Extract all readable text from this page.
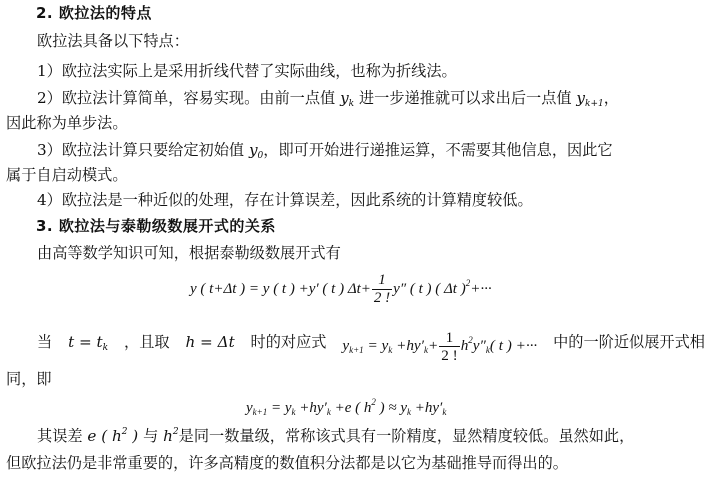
2. 欧拉法的特点
欧拉法具备以下特点：
1）欧拉法实际上是采用折线代替了实际曲线，也称为折线法。
2）欧拉法计算简单，容易实现。由前一点值 $y_k$ 进一步递推就可以求出后一点值 $y_{k+1}$，
因此称为单步法。
3）欧拉法计算只要给定初始值 $y_0$，即可开始进行递推运算，不需要其他信息，因此它
属于自启动模式。
4）欧拉法是一种近似的处理，存在计算误差，因此系统的计算精度较低。
3. 欧拉法与泰勒级数展开式的关系
由高等数学知识可知，根据泰勒级数展开式有
y ( t+Δt ) = y ( t ) +y′ ( t ) $\Delta t+ \frac{1}{2 !} y''$ ( t ) ( Δt )$^2$+···
当 $t = t_k$ ，且取 h = Δt 时的对应式 $y_{k+1} = y_k +hy'_k+ \frac{1}{2 !} h^2y''_k$( t ) +··· 中的一阶近似展开式相
同，即
$y_{k+1} = y_k +hy'_k +e$ ( $h^2$ ) ≈ $y_k +hy'_k$
其误差 e ( $h^2$ ) 与 $h^2$是同一数量级，常称该式具有一阶精度，显然精度较低。虽然如此，
但欧拉法仍是非常重要的，许多高精度的数值积分法都是以它为基础推导而得出的。
